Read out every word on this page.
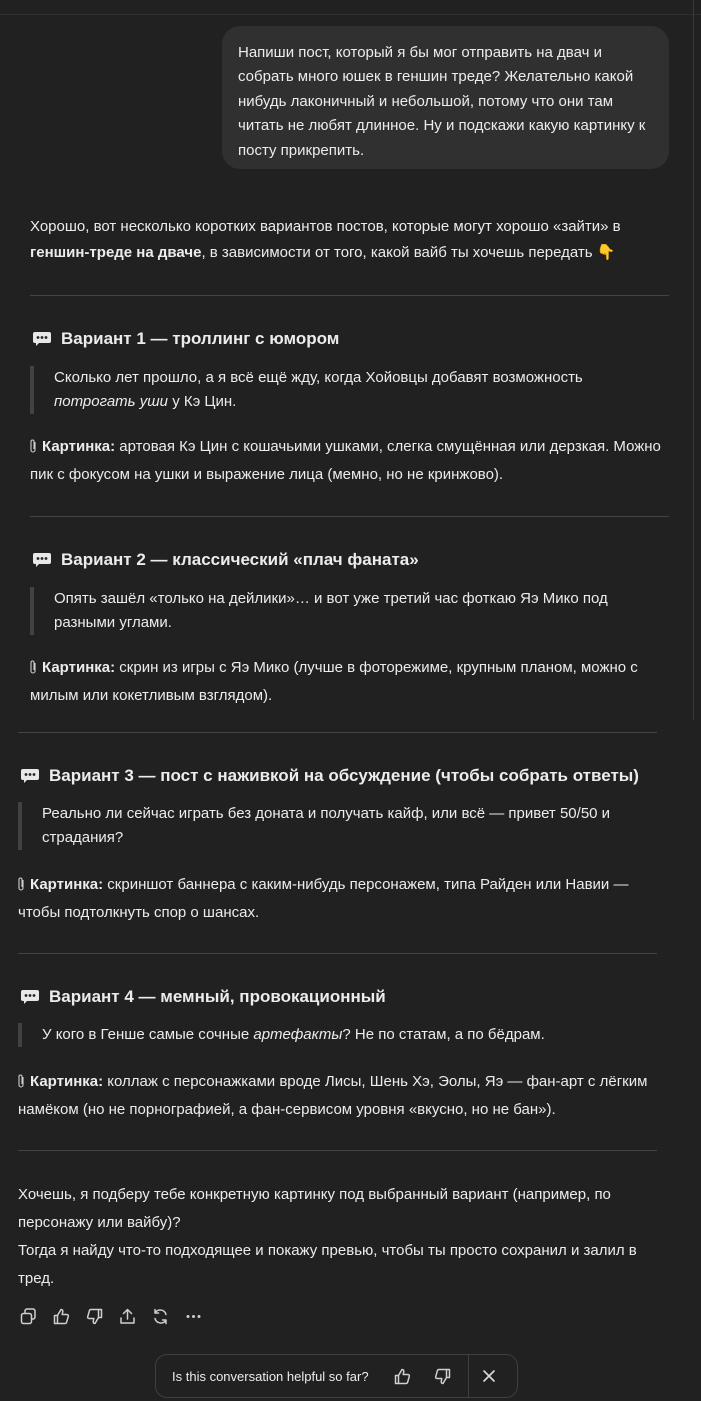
Напиши пост, который я бы мог отправить на двач и собрать много юшек в геншин треде? Желательно какой нибудь лаконичный и небольшой, потому что они там читать не любят длинное. Ну и подскажи какую картинку к посту прикрепить.
Хорошо, вот несколько коротких вариантов постов, которые могут хорошо «зайти» в геншин-треде на дваче, в зависимости от того, какой вайб ты хочешь передать 👇
Вариант 1 — троллинг с юмором
Сколько лет прошло, а я всё ещё жду, когда Хойовцы добавят возможность потрогать уши у Кэ Цин.
Картинка: артовая Кэ Цин с кошачьими ушками, слегка смущённая или дерзкая. Можно пик с фокусом на ушки и выражение лица (мемно, но не кринжово).
Вариант 2 — классический «плач фаната»
Опять зашёл «только на дейлики»… и вот уже третий час фоткаю Яэ Мико под разными углами.
Картинка: скрин из игры с Яэ Мико (лучше в фоторежиме, крупным планом, можно с милым или кокетливым взглядом).
Вариант 3 — пост с наживкой на обсуждение (чтобы собрать ответы)
Реально ли сейчас играть без доната и получать кайф, или всё — привет 50/50 и страдания?
Картинка: скриншот баннера с каким-нибудь персонажем, типа Райден или Навии — чтобы подтолкнуть спор о шансах.
Вариант 4 — мемный, провокационный
У кого в Генше самые сочные артефакты? Не по статам, а по бёдрам.
Картинка: коллаж с персонажками вроде Лисы, Шень Хэ, Эолы, Яэ — фан-арт с лёгким намёком (но не порнографией, а фан-сервисом уровня «вкусно, но не бан»).
Хочешь, я подберу тебе конкретную картинку под выбранный вариант (например, по персонажу или вайбу)?
Тогда я найду что-то подходящее и покажу превью, чтобы ты просто сохранил и залил в тред.
Is this conversation helpful so far?
